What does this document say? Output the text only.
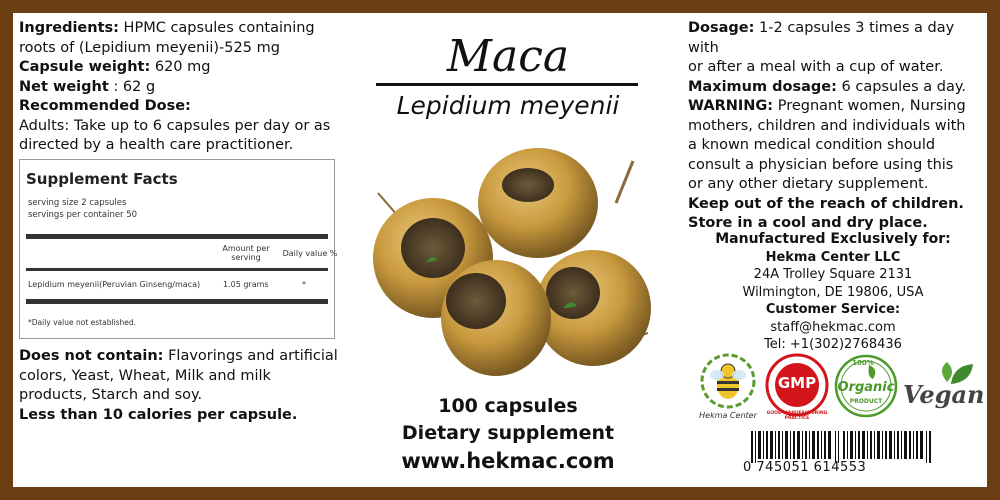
Ingredients: HPMC capsules containing

roots of (Lepidium meyenii)-525 mg

Capsule weight: 620 mg

Net weight : 62 g

Recommended Dose:

Adults: Take up to 6 capsules per day or as

directed by a health care practitioner.

Supplement Facts
serving size 2 capsules
servings per container 50
Amount per
serving	Daily value %
Lepidium meyenii(Peruvian Ginseng/maca)	1.05 grams	*
*Daily value not established.

Does not contain: Flavorings and artificial

colors, Yeast, Wheat, Milk and milk

products, Starch and soy.

Less than 10 calories per capsule.

Maca
Lepidium meyenii
100 capsules
Dietary supplement
www.hekmac.com

Dosage: 1-2 capsules 3 times a day with

or after a meal with a cup of water.

Maximum dosage: 6 capsules a day.

WARNING: Pregnant women, Nursing

mothers, children and individuals with

a known medical condition should

consult a physician before using this

or any other dietary supplement.

Keep out of the reach of children.

Store in a cool and dry place.

Manufactured Exclusively for:

Hekma Center LLC

24A Trolley Square 2131

Wilmington, DE 19806, USA

Customer Service:

staff@hekmac.com

Tel: +1(302)2768436

Hekma Center
GMP
GOOD MANUFACTURING PRACTICE
100%
Organic
PRODUCT Vegan
0 745051 614553
